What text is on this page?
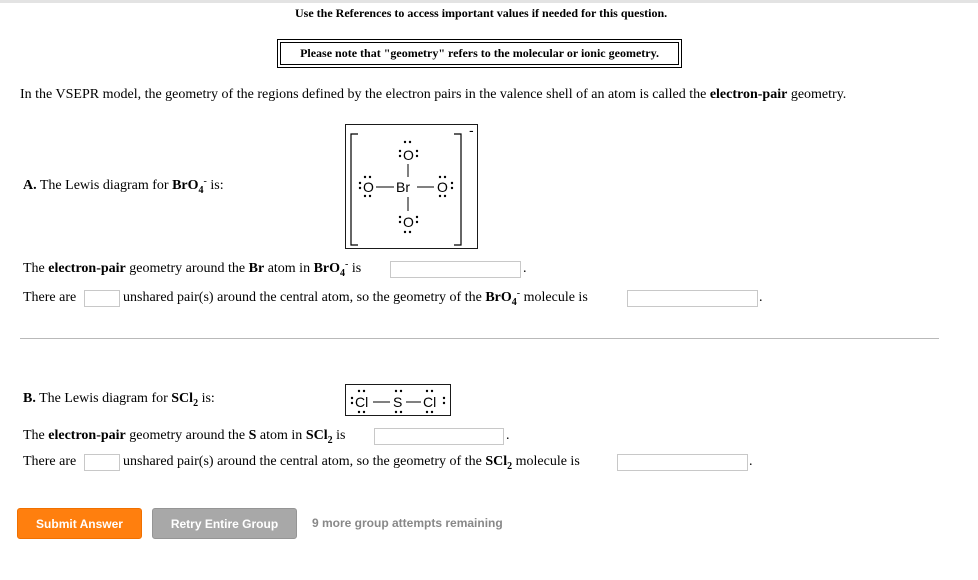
Use the References to access important values if needed for this question.
Please note that "geometry" refers to the molecular or ionic geometry.
In the VSEPR model, the geometry of the regions defined by the electron pairs in the valence shell of an atom is called the electron-pair geometry.
A. The Lewis diagram for BrO$_4$- is:
-
O
O Br O
O
The electron-pair geometry around the Br atom in BrO$_4$- is	.
There are	unshared pair(s) around the central atom, so the geometry of the BrO$_4$- molecule is	.
B. The Lewis diagram for SCl$_2$ is:	Cl S Cl
The electron-pair geometry around the S atom in SCl$_2$ is	.
There are	unshared pair(s) around the central atom, so the geometry of the SCl$_2$ molecule is	.
Submit Answer	Retry Entire Group	9 more group attempts remaining
